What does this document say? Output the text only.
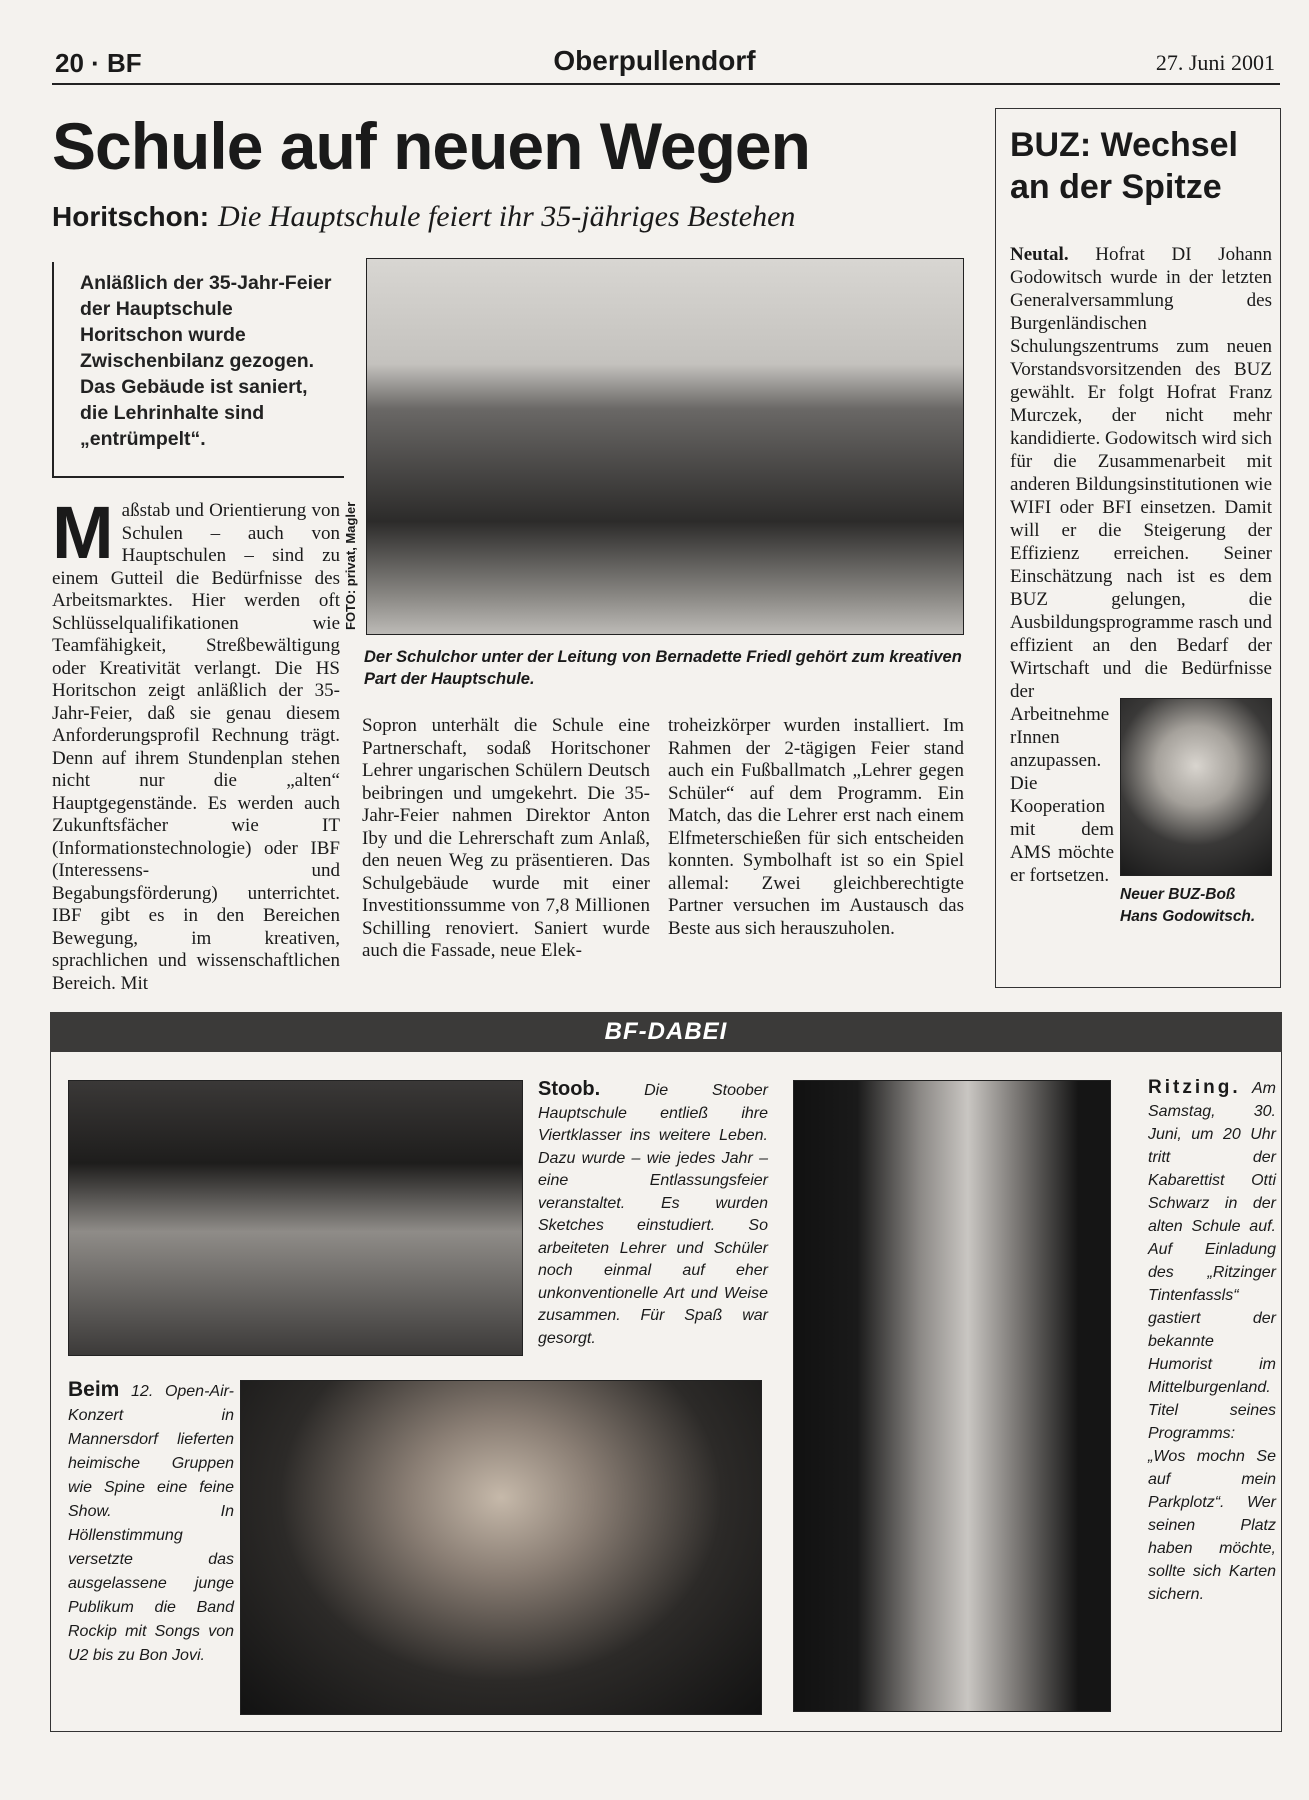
20 · BF	Oberpullendorf	27. Juni 2001
Schule auf neuen Wegen
Horitschon: Die Hauptschule feiert ihr 35-jähriges Bestehen
Anläßlich der 35-Jahr-Feier der Hauptschule Horitschon wurde Zwischenbilanz gezogen. Das Gebäude ist saniert, die Lehrinhalte sind „entrümpelt“.
FOTO: privat, Magler
Der Schulchor unter der Leitung von Bernadette Friedl gehört zum kreativen Part der Hauptschule.
M aßstab und Orientierung von Schulen – auch von Hauptschulen – sind zu einem Gutteil die Bedürfnisse des Arbeitsmarktes. Hier werden oft Schlüsselqualifikationen wie Teamfähigkeit, Streßbewältigung oder Kreativität verlangt. Die HS Horitschon zeigt anläßlich der 35-Jahr-Feier, daß sie genau diesem Anforderungsprofil Rechnung trägt. Denn auf ihrem Stundenplan stehen nicht nur die „alten“ Hauptgegenstände. Es werden auch Zukunftsfächer wie IT (Informationstechnologie) oder IBF (Interessens- und Begabungsförderung) unterrichtet. IBF gibt es in den Bereichen Bewegung, im kreativen, sprachlichen und wissenschaftlichen Bereich. Mit
Sopron unterhält die Schule eine Partnerschaft, sodaß Horitschoner Lehrer ungarischen Schülern Deutsch beibringen und umgekehrt. Die 35-Jahr-Feier nahmen Direktor Anton Iby und die Lehrerschaft zum Anlaß, den neuen Weg zu präsentieren. Das Schulgebäude wurde mit einer Investitionssumme von 7,8 Millionen Schilling renoviert. Saniert wurde auch die Fassade, neue Elek-
troheizkörper wurden installiert. Im Rahmen der 2-tägigen Feier stand auch ein Fußballmatch „Lehrer gegen Schüler“ auf dem Programm. Ein Match, das die Lehrer erst nach einem Elfmeterschießen für sich entscheiden konnten. Symbolhaft ist so ein Spiel allemal: Zwei gleichberechtigte Partner versuchen im Austausch das Beste aus sich herauszuholen.
BUZ: Wechsel an der Spitze
Neuer BUZ-Boß Hans Godowitsch.
Neutal. Hofrat DI Johann Godowitsch wurde in der letzten Generalversammlung des Burgenländischen Schulungszentrums zum neuen Vorstandsvorsitzenden des BUZ gewählt. Er folgt Hofrat Franz Murczek, der nicht mehr kandidierte. Godowitsch wird sich für die Zusammenarbeit mit anderen Bildungsinstitutionen wie WIFI oder BFI einsetzen. Damit will er die Steigerung der Effizienz erreichen. Seiner Einschätzung nach ist es dem BUZ gelungen, die Ausbildungsprogramme rasch und effizient an den Bedarf der Wirtschaft und die Bedürfnisse der ArbeitnehmerInnen anzupassen. Die Kooperation mit dem AMS möchte er fortsetzen.
BF-DABEI
Stoob.	Die Stoober Hauptschule entließ ihre Viertklasser ins weitere Leben. Dazu wurde – wie jedes Jahr – eine Entlassungsfeier veranstaltet. Es wurden Sketches einstudiert. So arbeiteten Lehrer und Schüler noch einmal auf eher unkonventionelle Art und Weise zusammen. Für Spaß war gesorgt.
Beim 12. Open-Air-Konzert in Mannersdorf lieferten heimische Gruppen wie Spine eine feine Show. In Höllenstimmung versetzte das ausgelassene junge Publikum die Band Rockip mit Songs von U2 bis zu Bon Jovi.
Ritzing. Am Samstag, 30. Juni, um 20 Uhr tritt der Kabarettist Otti Schwarz in der alten Schule auf. Auf Einladung des „Ritzinger Tintenfassls“ gastiert der bekannte Humorist im Mittelburgenland. Titel seines Programms: „Wos mochn Se auf mein Parkplotz“. Wer seinen Platz haben möchte, sollte sich Karten sichern.
